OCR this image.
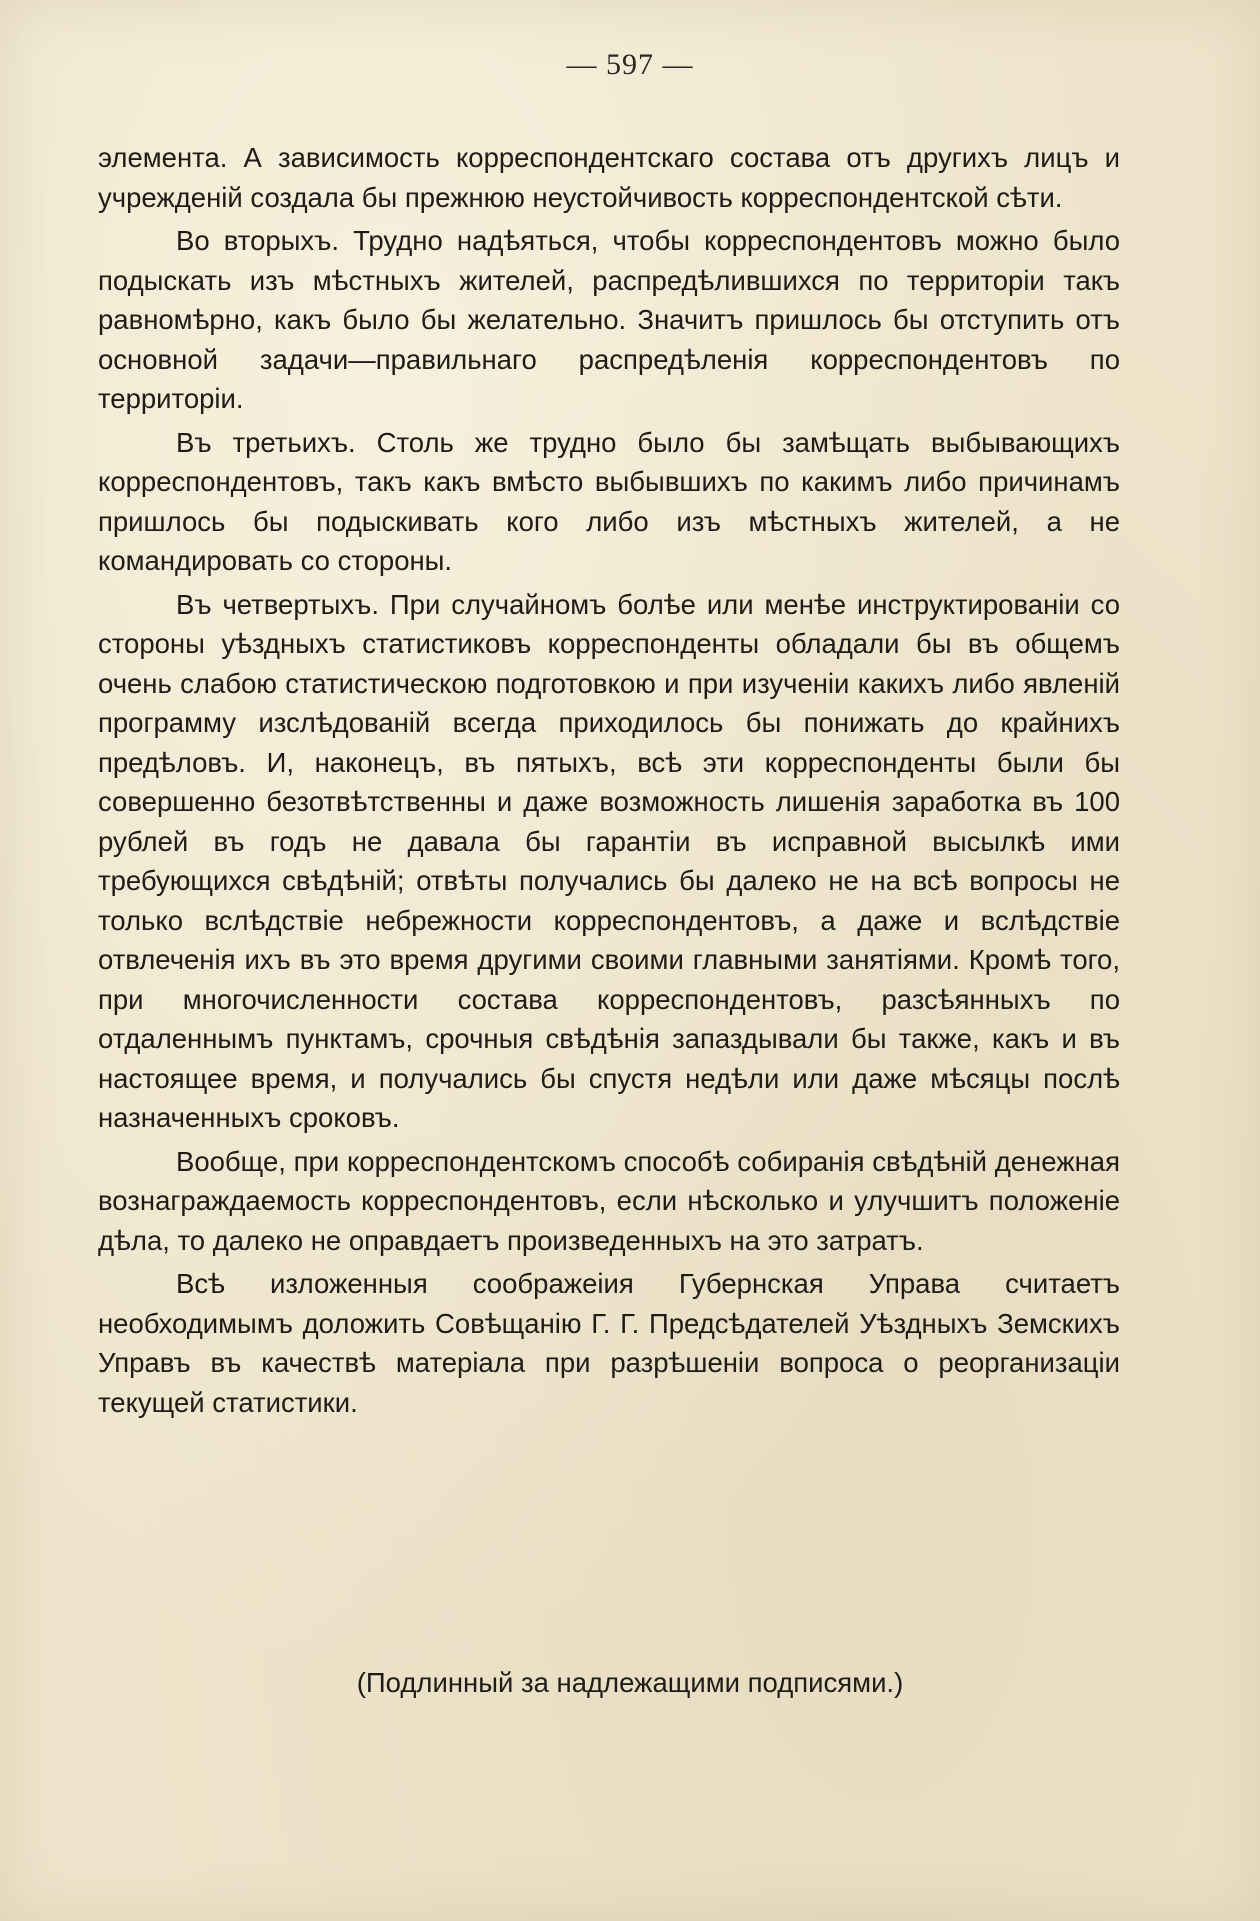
— 597 —

элемента. А зависимость корреспондентскаго состава отъ другихъ лицъ и учрежденій создала бы прежнюю неустойчивость корреспондентской сѣти.

Во вторыхъ. Трудно надѣяться, чтобы корреспондентовъ можно было подыскать изъ мѣстныхъ жителей, распредѣлившихся по территоріи такъ равномѣрно, какъ было бы желательно. Значитъ пришлось бы отступить отъ основной задачи—правильнаго распредѣленія корреспондентовъ по территоріи.

Въ третьихъ. Столь же трудно было бы замѣщать выбывающихъ корреспондентовъ, такъ какъ вмѣсто выбывшихъ по какимъ либо причинамъ пришлось бы подыскивать кого либо изъ мѣстныхъ жителей, а не командировать со стороны.

Въ четвертыхъ. При случайномъ болѣе или менѣе инструктированіи со стороны уѣздныхъ статистиковъ корреспонденты обладали бы въ общемъ очень слабою статистическою подготовкою и при изученіи какихъ либо явленій программу изслѣдованій всегда приходилось бы понижать до крайнихъ предѣловъ. И, наконецъ, въ пятыхъ, всѣ эти корреспонденты были бы совершенно безотвѣтственны и даже возможность лишенія заработка въ 100 рублей въ годъ не давала бы гарантіи въ исправной высылкѣ ими требующихся свѣдѣній; отвѣты получались бы далеко не на всѣ вопросы не только вслѣдствіе небрежности корреспондентовъ, а даже и вслѣдствіе отвлеченія ихъ въ это время другими своими главными занятіями. Кромѣ того, при многочисленности состава корреспондентовъ, разсѣянныхъ по отдаленнымъ пунктамъ, срочныя свѣдѣнія запаздывали бы также, какъ и въ настоящее время, и получались бы спустя недѣли или даже мѣсяцы послѣ назначенныхъ сроковъ.

Вообще, при корреспондентскомъ способѣ собиранія свѣдѣній денежная вознаграждаемость корреспондентовъ, если нѣсколько и улучшитъ положеніе дѣла, то далеко не оправдаетъ произведенныхъ на это затратъ.

Всѣ изложенныя соображеіия Губернская Управа считаетъ необходимымъ доложить Совѣщанію Г. Г. Предсѣдателей Уѣздныхъ Земскихъ Управъ въ качествѣ матеріала при разрѣшеніи вопроса о реорганизаціи текущей статистики.

(Подлинный за надлежащими подписями.)
